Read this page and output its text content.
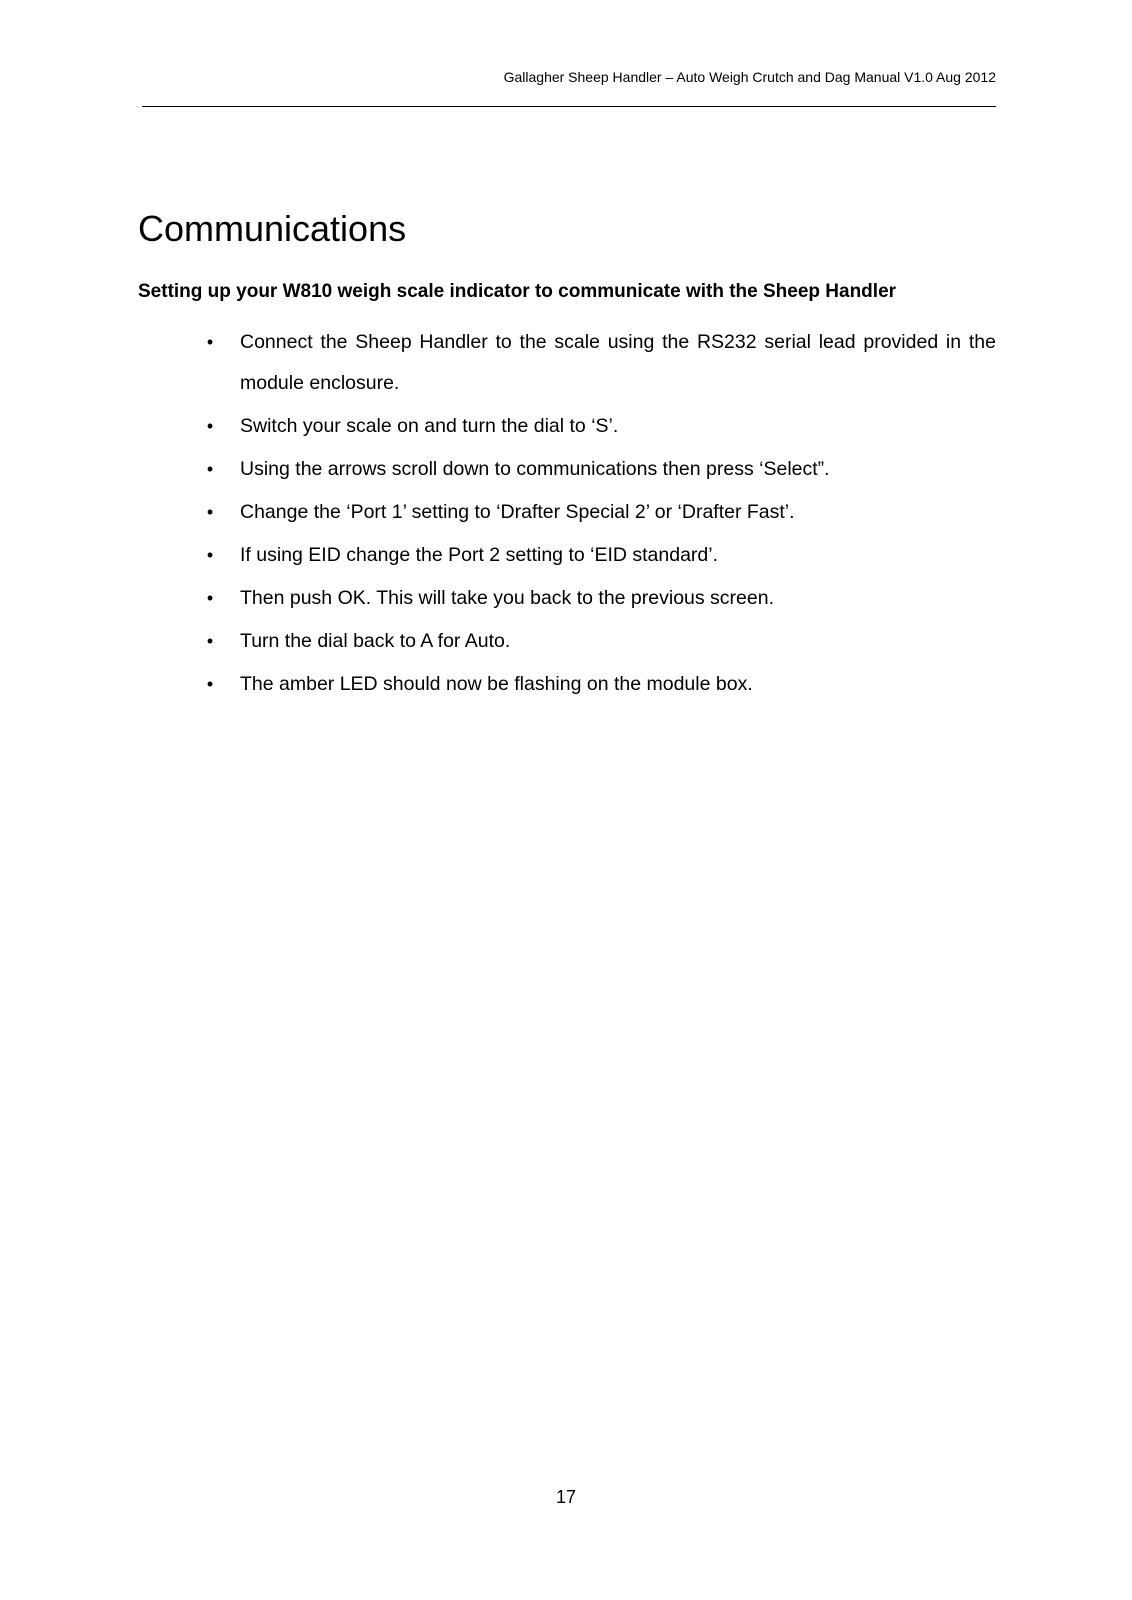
Gallagher Sheep Handler – Auto Weigh Crutch and Dag Manual V1.0 Aug 2012
Communications
Setting up your W810 weigh scale indicator to communicate with the Sheep Handler
• Connect the Sheep Handler to the scale using the RS232 serial lead provided in the module enclosure.
• Switch your scale on and turn the dial to ‘S’.
• Using the arrows scroll down to communications then press ‘Select”.
• Change the ‘Port 1’ setting to ‘Drafter Special 2’ or ‘Drafter Fast’.
• If using EID change the Port 2 setting to ‘EID standard’.
• Then push OK. This will take you back to the previous screen.
• Turn the dial back to A for Auto.
• The amber LED should now be flashing on the module box.
17
